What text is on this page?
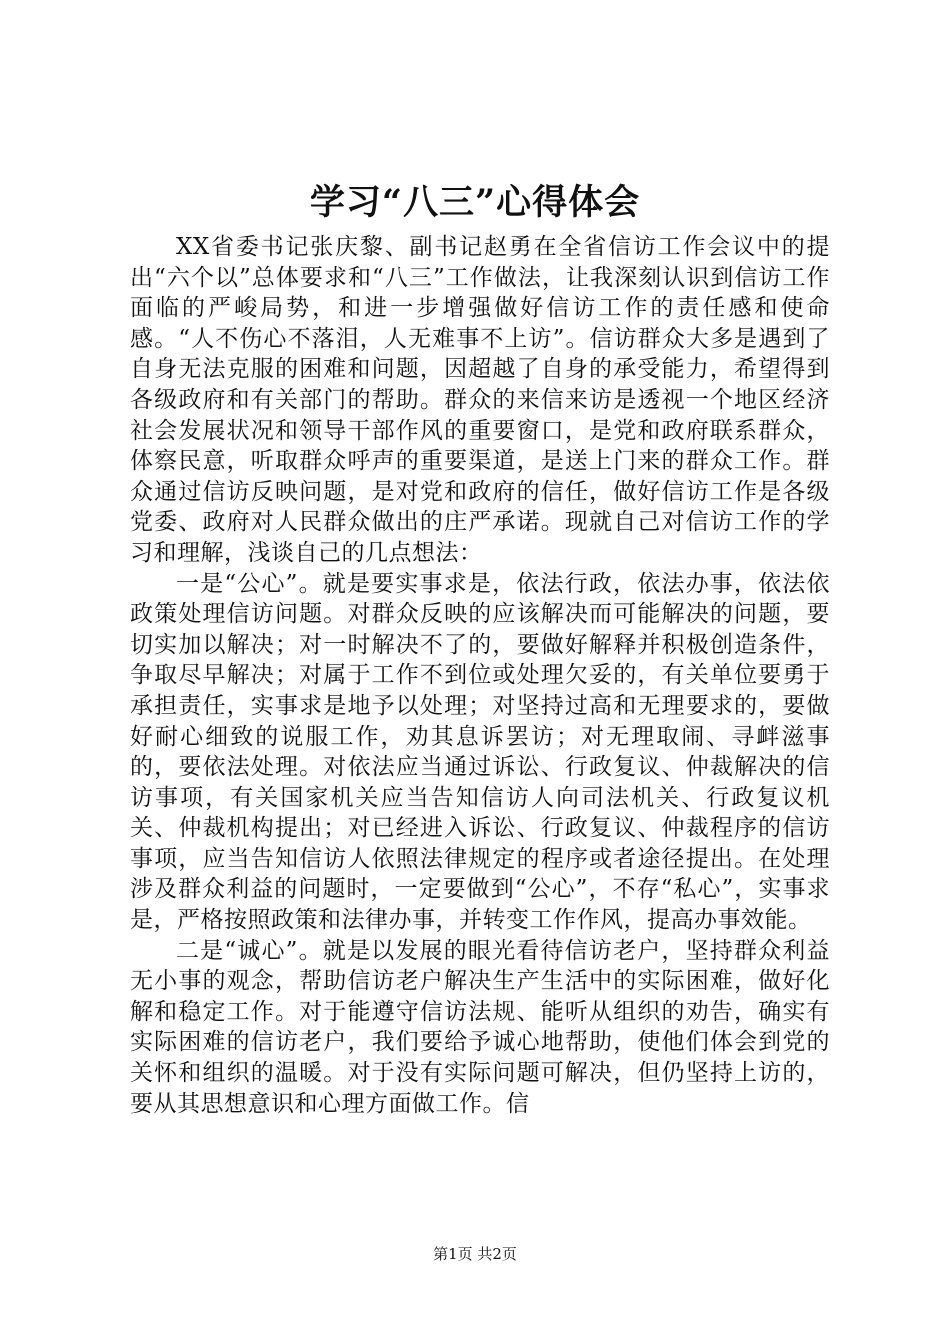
学习“八三”心得体会

XX省委书记张庆黎、副书记赵勇在全省信访工作会议中的提出“六个以”总体要求和“八三”工作做法，让我深刻认识到信访工作面临的严峻局势，和进一步增强做好信访工作的责任感和使命感。“人不伤心不落泪，人无难事不上访”。信访群众大多是遇到了自身无法克服的困难和问题，因超越了自身的承受能力，希望得到各级政府和有关部门的帮助。群众的来信来访是透视一个地区经济社会发展状况和领导干部作风的重要窗口，是党和政府联系群众，体察民意，听取群众呼声的重要渠道，是送上门来的群众工作。群众通过信访反映问题，是对党和政府的信任，做好信访工作是各级党委、政府对人民群众做出的庄严承诺。现就自己对信访工作的学习和理解，浅谈自己的几点想法：

一是“公心”。就是要实事求是，依法行政，依法办事，依法依政策处理信访问题。对群众反映的应该解决而可能解决的问题，要切实加以解决；对一时解决不了的，要做好解释并积极创造条件，争取尽早解决；对属于工作不到位或处理欠妥的，有关单位要勇于承担责任，实事求是地予以处理；对坚持过高和无理要求的，要做好耐心细致的说服工作，劝其息诉罢访；对无理取闹、寻衅滋事的，要依法处理。对依法应当通过诉讼、行政复议、仲裁解决的信访事项，有关国家机关应当告知信访人向司法机关、行政复议机关、仲裁机构提出；对已经进入诉讼、行政复议、仲裁程序的信访事项，应当告知信访人依照法律规定的程序或者途径提出。在处理涉及群众利益的问题时，一定要做到“公心”，不存“私心”，实事求是，严格按照政策和法律办事，并转变工作作风，提高办事效能。

二是“诚心”。就是以发展的眼光看待信访老户，坚持群众利益无小事的观念，帮助信访老户解决生产生活中的实际困难，做好化解和稳定工作。对于能遵守信访法规、能听从组织的劝告，确实有实际困难的信访老户，我们要给予诚心地帮助，使他们体会到党的关怀和组织的温暖。对于没有实际问题可解决，但仍坚持上访的，要从其思想意识和心理方面做工作。信

第1页 共2页
